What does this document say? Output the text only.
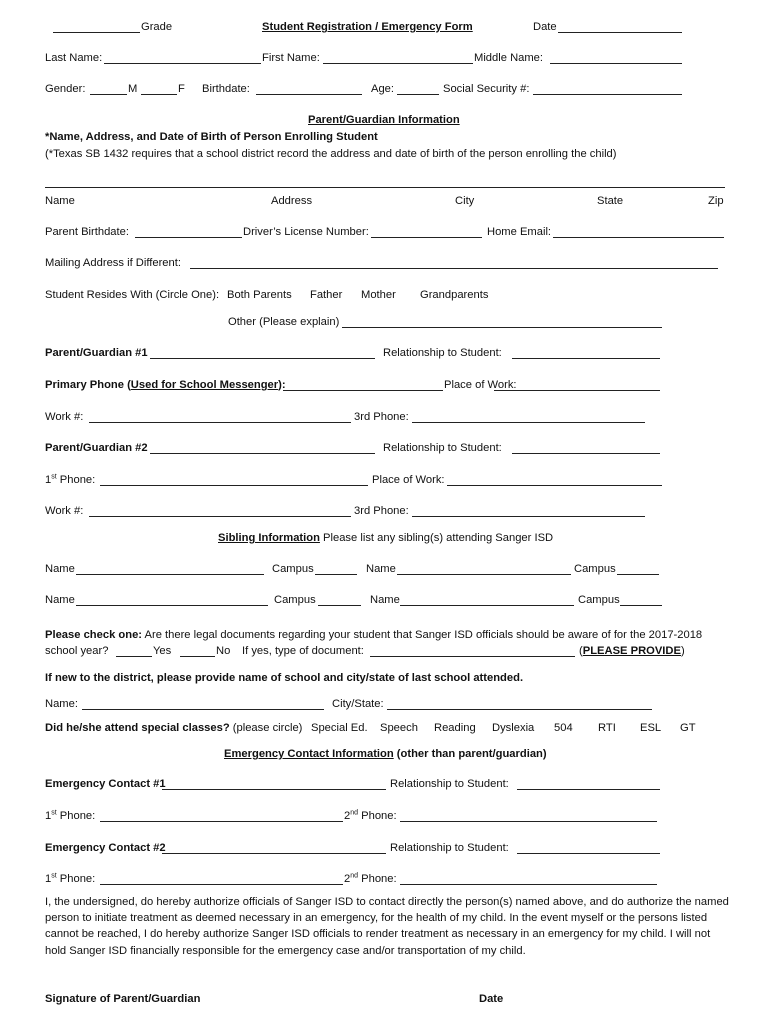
Grade	Student Registration / Emergency Form	Date
Last Name:	First Name:	Middle Name:
Gender:	M	F Birthdate:	Age:	Social Security #:
Parent/Guardian Information
*Name, Address, and Date of Birth of Person Enrolling Student
(*Texas SB 1432 requires that a school district record the address and date of birth of the person enrolling the child)
Name	Address	City	State	Zip
Parent Birthdate:	Driver’s License Number:	Home Email:
Mailing Address if Different:
Student Resides With (Circle One): Both Parents Father Mother Grandparents
Other (Please explain)
Parent/Guardian #1	Relationship to Student:
Primary Phone (Used for School Messenger):	Place of Work:
Work #:	3rd Phone:
Parent/Guardian #2	Relationship to Student:
1st Phone:	Place of Work:
Work #:	3rd Phone:
Sibling Information Please list any sibling(s) attending Sanger ISD
Name	Campus	Name	Campus
Name	Campus	Name	Campus
Please check one: Are there legal documents regarding your student that Sanger ISD officials should be aware of for the 2017-2018
school year?	Yes	No If yes, type of document:	(PLEASE PROVIDE)
If new to the district, please provide name of school and city/state of last school attended.
Name:	City/State:
Did he/she attend special classes? (please circle) Special Ed. Speech Reading Dyslexia 504 RTI ESL GT
Emergency Contact Information (other than parent/guardian)
Emergency Contact #1	Relationship to Student:
1st Phone:	2nd Phone:
Emergency Contact #2	Relationship to Student:
1st Phone:	2nd Phone:
I, the undersigned, do hereby authorize officials of Sanger ISD to contact directly the person(s) named above, and do authorize the named person to initiate treatment as deemed necessary in an emergency, for the health of my child. In the event myself or the persons listed cannot be reached, I do hereby authorize Sanger ISD officials to render treatment as necessary in an emergency for my child. I will not hold Sanger ISD financially responsible for the emergency case and/or transportation of my child.
Signature of Parent/Guardian	Date
